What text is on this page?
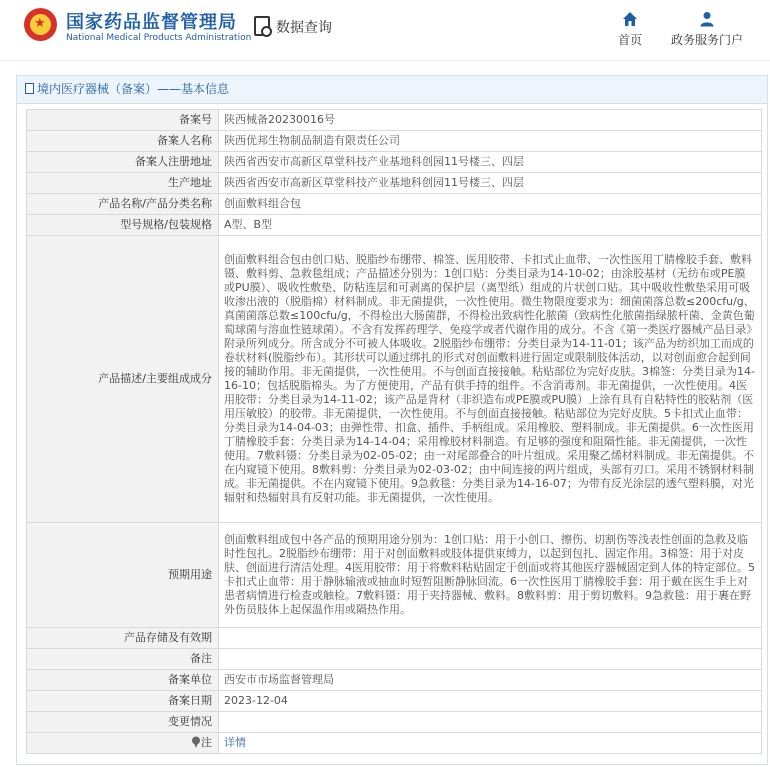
★
国家药品监督管理局
National Medical Products Administration
数据查询
首页 政务服务门户
境内医疗器械（备案）——基本信息
备案号	陕西械备20230016号
备案人名称	陕西优邦生物制品制造有限责任公司
备案人注册地址	陕西省西安市高新区草堂科技产业基地科创园11号楼三、四层
生产地址	陕西省西安市高新区草堂科技产业基地科创园11号楼三、四层
产品名称/产品分类名称	创面敷料组合包
型号规格/包装规格	A型、B型
产品描述/主要组成成分	创面敷料组合包由创口贴、脱脂纱布绷带、棉签、医用胶带、卡扣式止血带、一次性医用丁腈橡胶手套、敷料镊、敷料剪、急救毯组成；产品描述分别为：1创口贴：分类目录为14-10-02；由涂胶基材（无纺布或PE膜或PU膜）、吸收性敷垫、防粘连层和可剥离的保护层（离型纸）组成的片状创口贴。其中吸收性敷垫采用可吸收渗出液的（脱脂棉）材料制成。非无菌提供，一次性使用。微生物限度要求为：细菌菌落总数≤200cfu/g、真菌菌落总数≤100cfu/g，不得检出大肠菌群，不得检出致病性化脓菌（致病性化脓菌指绿脓杆菌、金黄色葡萄球菌与溶血性链球菌）。不含有发挥药理学、免疫学或者代谢作用的成分。不含《第一类医疗器械产品目录》附录所列成分。所含成分不可被人体吸收。2脱脂纱布绷带：分类目录为14-11-01；该产品为纺织加工而成的卷状材料(脱脂纱布）。其形状可以通过绑扎的形式对创面敷料进行固定或限制肢体活动，以对创面愈合起到间接的辅助作用。非无菌提供，一次性使用。不与创面直接接触。粘贴部位为完好皮肤。3棉签：分类目录为14-16-10；包括脱脂棉头。为了方便使用，产品有供手持的组件。不含消毒剂。非无菌提供，一次性使用。4医用胶带：分类目录为14-11-02；该产品是背材（非织造布或PE膜或PU膜）上涂有具有自粘特性的胶粘剂（医用压敏胶）的胶带。非无菌提供，一次性使用。不与创面直接接触。粘贴部位为完好皮肤。5卡扣式止血带：分类目录为14-04-03；由弹性带、扣盒、插件、手柄组成。采用橡胶、塑料制成。非无菌提供。6一次性医用丁腈橡胶手套：分类目录为14-14-04；采用橡胶材料制造。有足够的强度和阻隔性能。非无菌提供，一次性使用。7敷料镊：分类目录为02-05-02；由一对尾部叠合的叶片组成。采用聚乙烯材料制成。非无菌提供。不在内窥镜下使用。8敷料剪：分类目录为02-03-02；由中间连接的两片组成，头部有刃口。采用不锈钢材料制成。非无菌提供。不在内窥镜下使用。9急救毯：分类目录为14-16-07；为带有反光涂层的透气塑料膜，对光辐射和热辐射具有反射功能。非无菌提供，一次性使用。
预期用途	创面敷料组成包中各产品的预期用途分别为：1创口贴：用于小创口、擦伤、切割伤等浅表性创面的急救及临时性包扎。2脱脂纱布绷带：用于对创面敷料或肢体提供束缚力，以起到包扎、固定作用。3棉签：用于对皮肤、创面进行清洁处理。4医用胶带：用于将敷料粘贴固定于创面或将其他医疗器械固定到人体的特定部位。5卡扣式止血带：用于静脉输液或抽血时短暂阻断静脉回流。6一次性医用丁腈橡胶手套：用于戴在医生手上对患者病情进行检查或触检。7敷料镊：用于夹持器械、敷料。8敷料剪：用于剪切敷料。9急救毯：用于裹在野外伤员肢体上起保温作用或隔热作用。
产品存储及有效期	
备注	
备案单位	西安市市场监督管理局
备案日期	2023-12-04
变更情况	
注	详情
